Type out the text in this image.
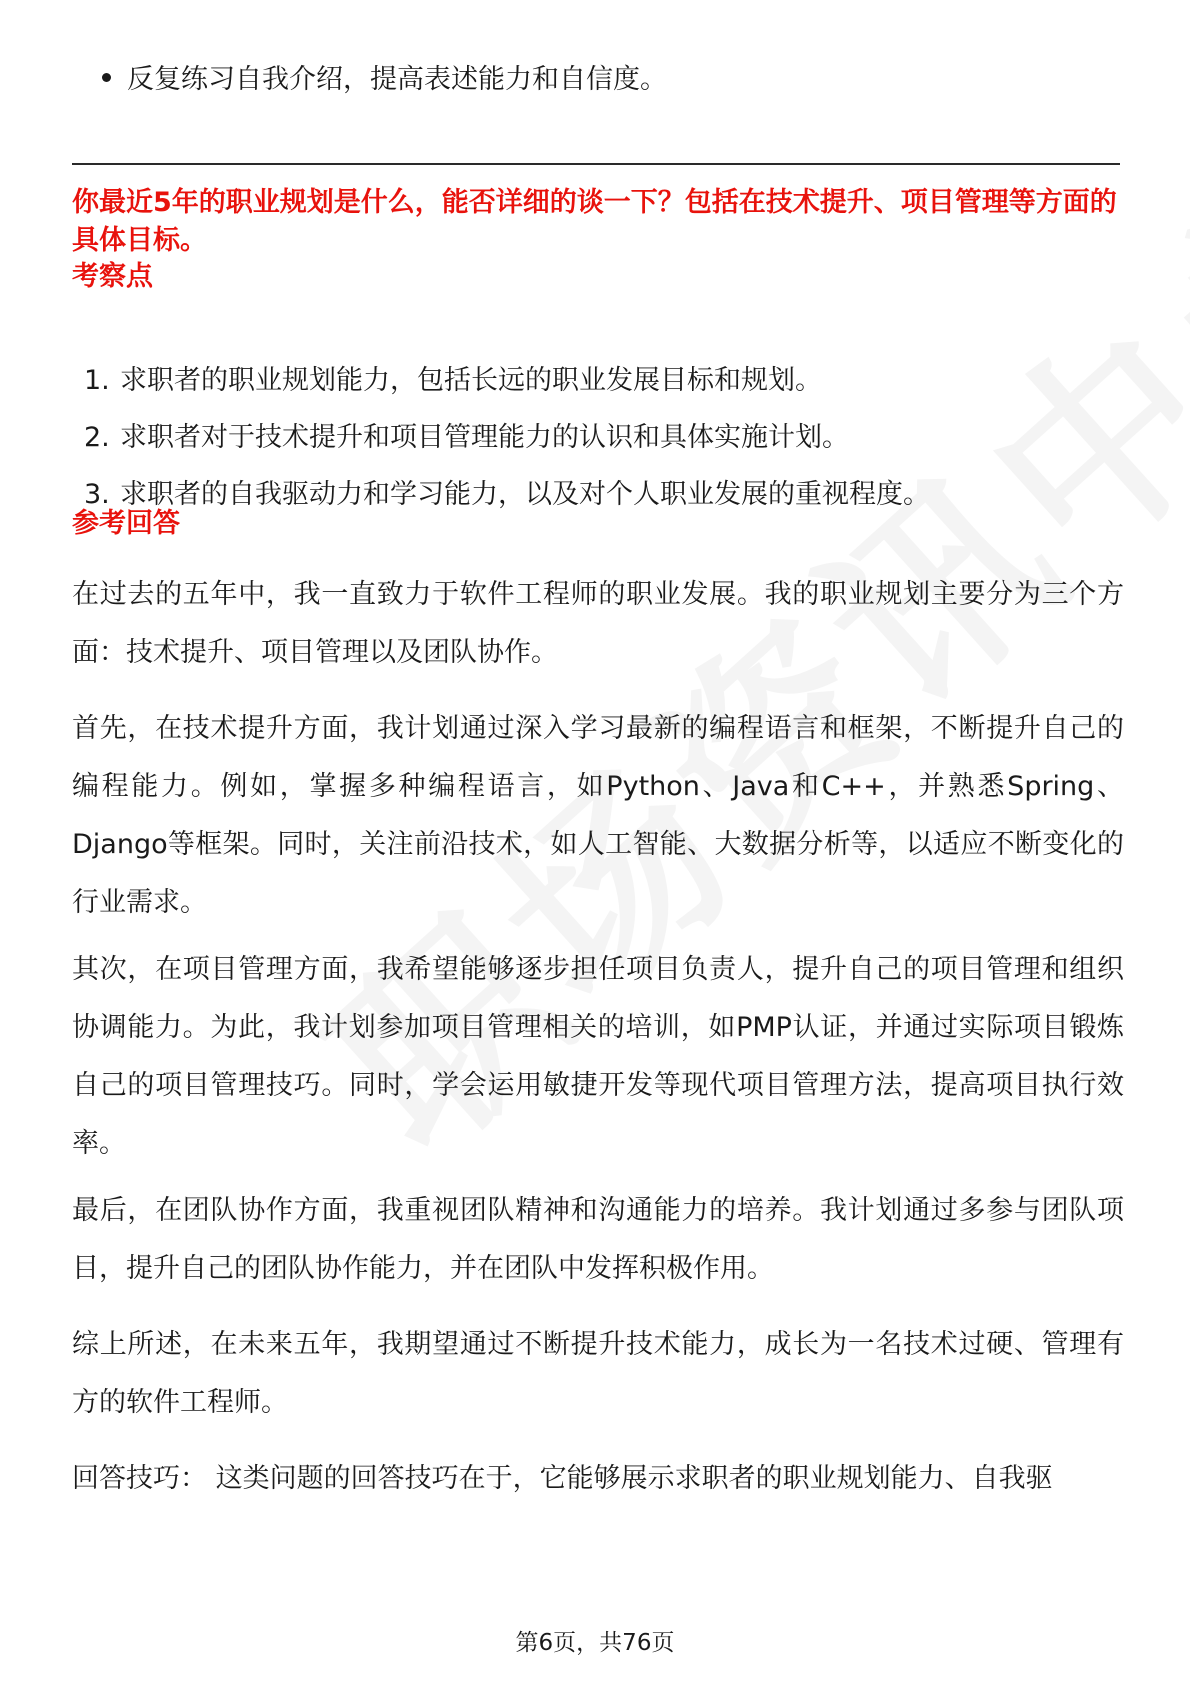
反复练习自我介绍，提高表述能力和自信度。
你最近5年的职业规划是什么，能否详细的谈一下？包括在技术提升、项目管理等方面的具体目标。
考察点
1. 求职者的职业规划能力，包括长远的职业发展目标和规划。
2. 求职者对于技术提升和项目管理能力的认识和具体实施计划。
3. 求职者的自我驱动力和学习能力，以及对个人职业发展的重视程度。
参考回答

在过去的五年中，我一直致力于软件工程师的职业发展。我的职业规划主要分为三个方面：技术提升、项目管理以及团队协作。

首先，在技术提升方面，我计划通过深入学习最新的编程语言和框架，不断提升自己的编程能力。例如，掌握多种编程语言，如Python、Java和C++，并熟悉Spring、Django等框架。同时，关注前沿技术，如人工智能、大数据分析等，以适应不断变化的行业需求。

其次，在项目管理方面，我希望能够逐步担任项目负责人，提升自己的项目管理和组织协调能力。为此，我计划参加项目管理相关的培训，如PMP认证，并通过实际项目锻炼自己的项目管理技巧。同时，学会运用敏捷开发等现代项目管理方法，提高项目执行效率。

最后，在团队协作方面，我重视团队精神和沟通能力的培养。我计划通过多参与团队项目，提升自己的团队协作能力，并在团队中发挥积极作用。

综上所述，在未来五年，我期望通过不断提升技术能力，成长为一名技术过硬、管理有方的软件工程师。

回答技巧： 这类问题的回答技巧在于，它能够展示求职者的职业规划能力、自我驱

第6页，共76页
